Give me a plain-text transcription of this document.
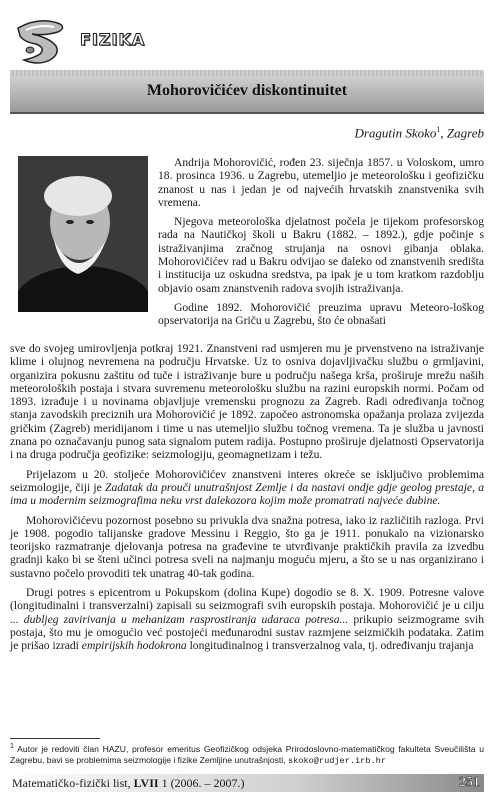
FIZIKA
Mohorovičićev diskontinuitet
Dragutin Skoko$^1$, Zagreb

Andrija Mohorovičić, rođen 23. siječnja 1857. u Voloskom, umro 18. prosinca 1936. u Zagrebu, utemeljio je meteorološku i geofizičku znanost u nas i jedan je od najvećih hrvatskih znanstvenika svih vremena.

Njegova meteorološka djelatnost počela je tijekom profesorskog rada na Nautičkoj školi u Bakru (1882. – 1892.), gdje počinje s istraživanjima zračnog strujanja na osnovi gibanja oblaka. Mohorovičićev rad u Bakru odvijao se daleko od znanstvenih središta i institucija uz oskudna sredstva, pa ipak je u tom kratkom razdoblju objavio osam znanstvenih radova svojih istraživanja.

Godine 1892. Mohorovičić preuzima upravu Meteoro-loškog opservatorija na Griču u Zagrebu, što će obnašati

sve do svojeg umirovljenja potkraj 1921. Znanstveni rad usmjeren mu je prvenstveno na istraživanje klime i olujnog nevremena na području Hrvatske. Uz to osniva dojavljivačku službu o grmljavini, organizira pokusnu zaštitu od tuče i istraživanje bure u području našega krša, proširuje mrežu naših meteoroloških postaja i stvara suvremenu meteorološku službu na razini europskih normi. Počam od 1893. izrađuje i u novinama objavljuje vremensku prognozu za Zagreb. Radi određivanja točnog stanja zavodskih preciznih ura Mohorovičić je 1892. započeo astronomska opažanja prolaza zvijezda gričkim (Zagreb) meridijanom i time u nas utemeljio službu točnog vremena. Ta je služba u javnosti znana po označavanju punog sata signalom putem radija. Postupno proširuje djelatnosti Opservatorija i na druga područja geofizike: seizmologiju, geomagnetizam i težu.

Prijelazom u 20. stoljeće Mohorovičićev znanstveni interes okreće se isključivo problemima seizmologije, čiji je Zadatak da prouči unutrašnjost Zemlje i da nastavi ondje gdje geolog prestaje, a ima u modernim seizmografima neku vrst dalekozora kojim može promatrati najveće dubine.

Mohorovičićevu pozornost posebno su privukla dva snažna potresa, iako iz različitih razloga. Prvi je 1908. pogodio talijanske gradove Messinu i Reggio, što ga je 1911. ponukalo na vizionarsko teorijsko razmatranje djelovanja potresa na građevine te utvrđivanje praktičkih pravila za izvedbu gradnji kako bi se šteni učinci potresa sveli na najmanju moguću mjeru, a što se u nas organizirano i sustavno počelo provoditi tek unatrag 40-tak godina.

Drugi potres s epicentrom u Pokupskom (dolina Kupe) dogodio se 8. X. 1909. Potresne valove (longitudinalni i transverzalni) zapisali su seizmografi svih europskih postaja. Mohorovičić je u cilju ... dubljeg zavirivanja u mehanizam rasprostiranja udaraca potresa... prikupio seizmograme svih postaja, što mu je omogućio već postojeći međunarodni sustav razmjene seizmičkih podataka. Zatim je prišao izradi empirijskih hodokrona longitudinalnog i transverzalnog vala, tj. određivanju trajanja

$^1$ Autor je redoviti član HAZU, profesor emeritus Geofizičkog odsjeka Prirodoslovno-matematičkog fakulteta Sveučilišta u Zagrebu, bavi se problemima seizmologije i fizike Zemljine unutrašnjosti, skoko@rudjer.irb.hr
Matematičko-fizički list, LVII 1 (2006. – 2007.)	251
